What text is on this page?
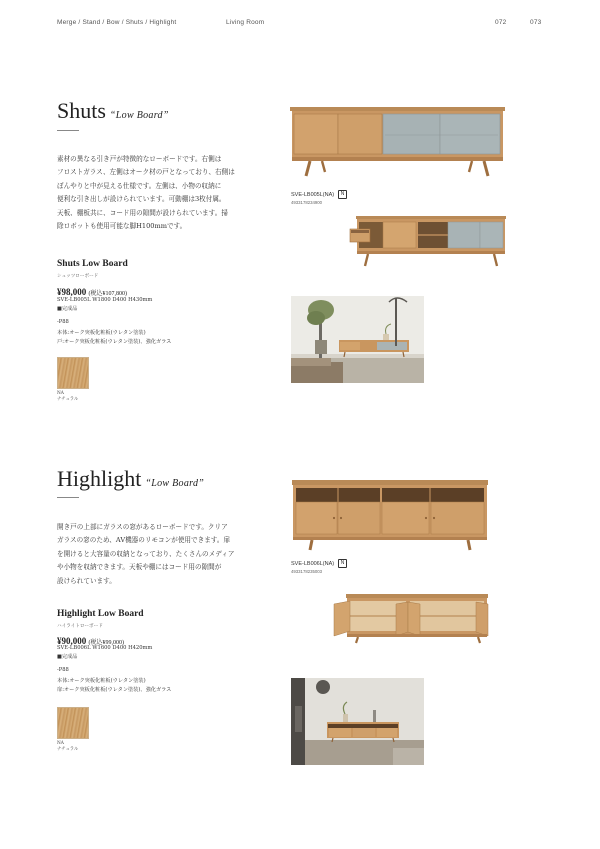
Merge / Stand / Bow / Shuts / Highlight	Living Room	072	073
Shuts “Low Board”
素材の異なる引き戸が特徴的なローボードです。右側は
フロストガラス、左側はオーク材の戸となっており、右側は
ぼんやりと中が見える仕様です。左側は、小物の収納に
便利な引き出しが設けられています。可動棚は3枚付属。
天板、棚板共に、コード用の隙間が設けられています。掃
除ロボットも使用可能な脚H100mmです。
Shuts Low Board
シュッツローボード
¥98,000 (税込¥107,800)
SVE-LB005L W1800 D400 H430mm
■完成品
-P88
本体:オーク突板化粧板(ウレタン塗装)
戸:オーク突板化粧板(ウレタン塗装)、強化ガラス
NA
ナチュラル
SVE-LB005L(NA) N
4933178234900
Highlight “Low Board”
開き戸の上部にガラスの窓があるローボードです。クリア
ガラスの窓のため、AV機器のリモコンが使用できます。扉
を開けると大容量の収納となっており、たくさんのメディア
や小物を収納できます。天板や棚にはコード用の隙間が
設けられています。
Highlight Low Board
ハイライトローボード
¥90,000 (税込¥99,000)
SVE-LB006L W1600 D400 H420mm
■完成品
-P88
本体:オーク突板化粧板(ウレタン塗装)
扉:オーク突板化粧板(ウレタン塗装)、強化ガラス
NA
ナチュラル
SVE-LB006L(NA) N
4933178235003
